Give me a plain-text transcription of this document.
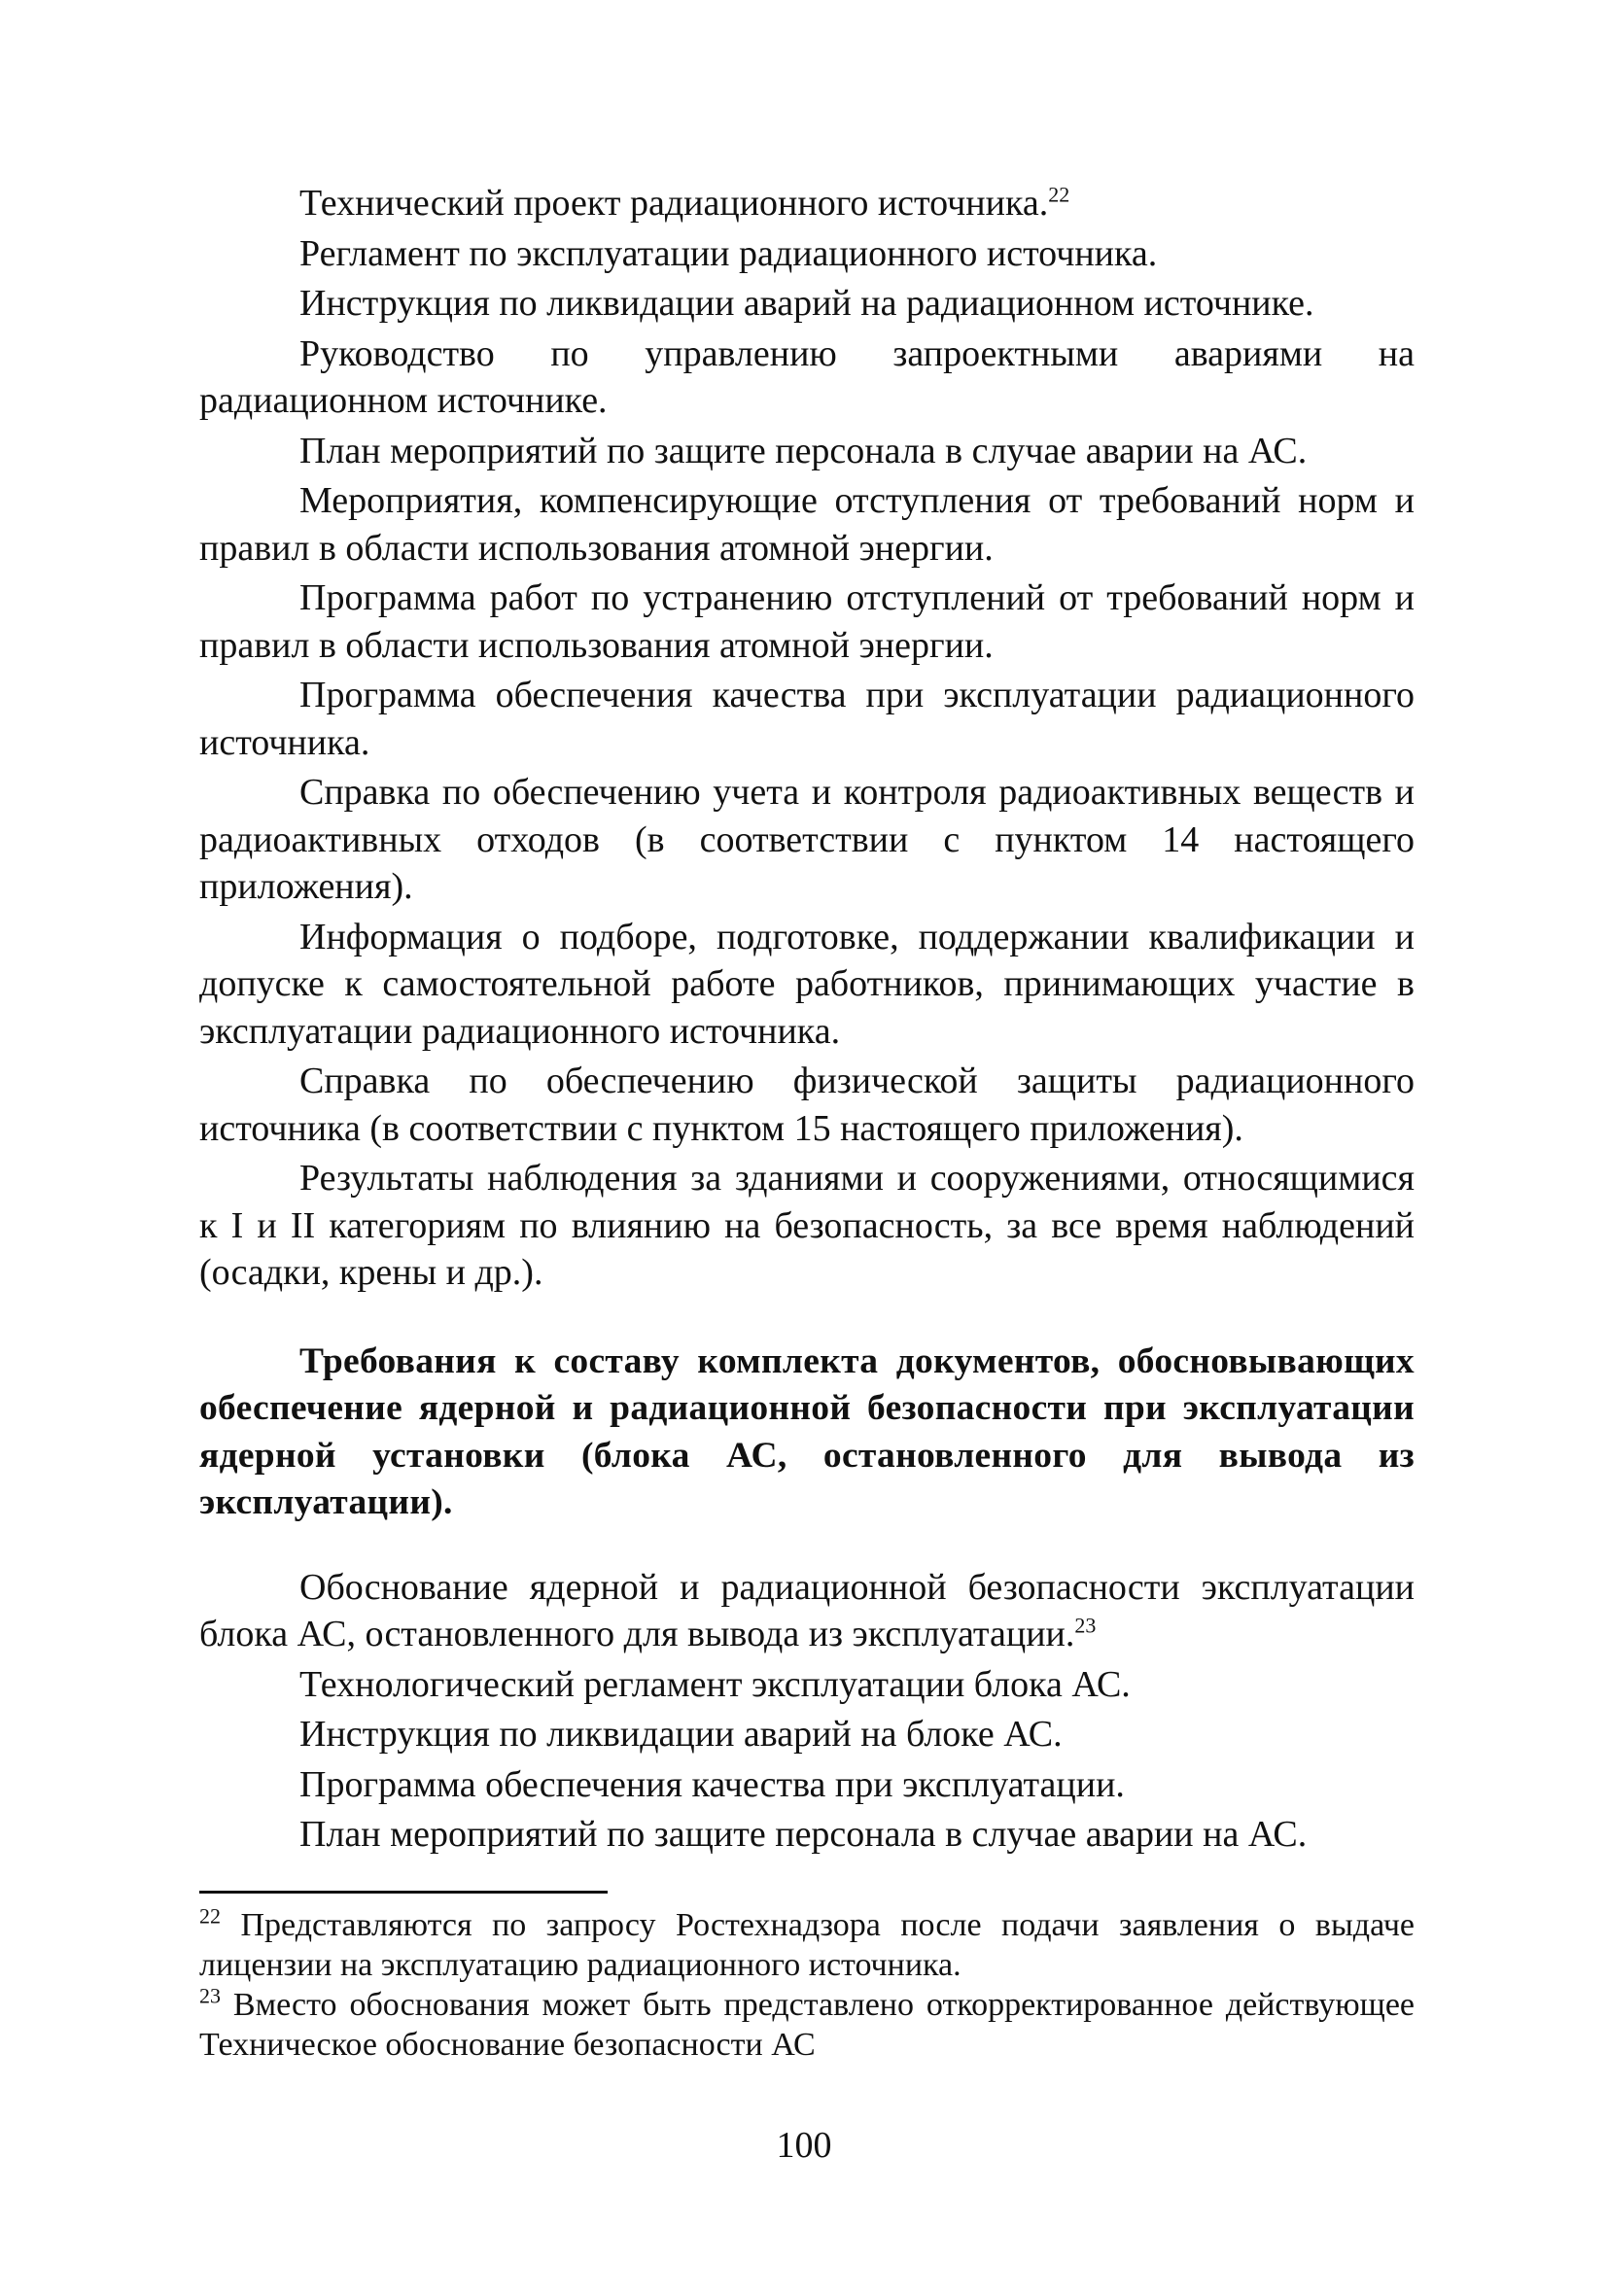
Технический проект радиационного источника.$^{22}$

Регламент по эксплуатации радиационного источника.

Инструкция по ликвидации аварий на радиационном источнике.

Руководство по управлению запроектными авариями на радиационном источнике.

План мероприятий по защите персонала в случае аварии на АС.

Мероприятия, компенсирующие отступления от требований норм и правил в области использования атомной энергии.

Программа работ по устранению отступлений от требований норм и правил в области использования атомной энергии.

Программа обеспечения качества при эксплуатации радиационного источника.

Справка по обеспечению учета и контроля радиоактивных веществ и радиоактивных отходов (в соответствии с пунктом 14 настоящего приложения).

Информация о подборе, подготовке, поддержании квалификации и допуске к самостоятельной работе работников, принимающих участие в эксплуатации радиационного источника.

Справка по обеспечению физической защиты радиационного источника (в соответствии с пунктом 15 настоящего приложения).

Результаты наблюдения за зданиями и сооружениями, относящимися к I и II категориям по влиянию на безопасность, за все время наблюдений (осадки, крены и др.).

Требования к составу комплекта документов, обосновывающих обеспечение ядерной и радиационной безопасности при эксплуатации ядерной установки (блока АС, остановленного для вывода из эксплуатации).

Обоснование ядерной и радиационной безопасности эксплуатации блока АС, остановленного для вывода из эксплуатации.$^{23}$

Технологический регламент эксплуатации блока АС.

Инструкция по ликвидации аварий на блоке АС.

Программа обеспечения качества при эксплуатации.

План мероприятий по защите персонала в случае аварии на АС.

$^{22}$ Представляются по запросу Ростехнадзора после подачи заявления о выдаче лицензии на эксплуатацию радиационного источника.

$^{23}$ Вместо обоснования может быть представлено откорректированное действующее Техническое обоснование безопасности АС

100
